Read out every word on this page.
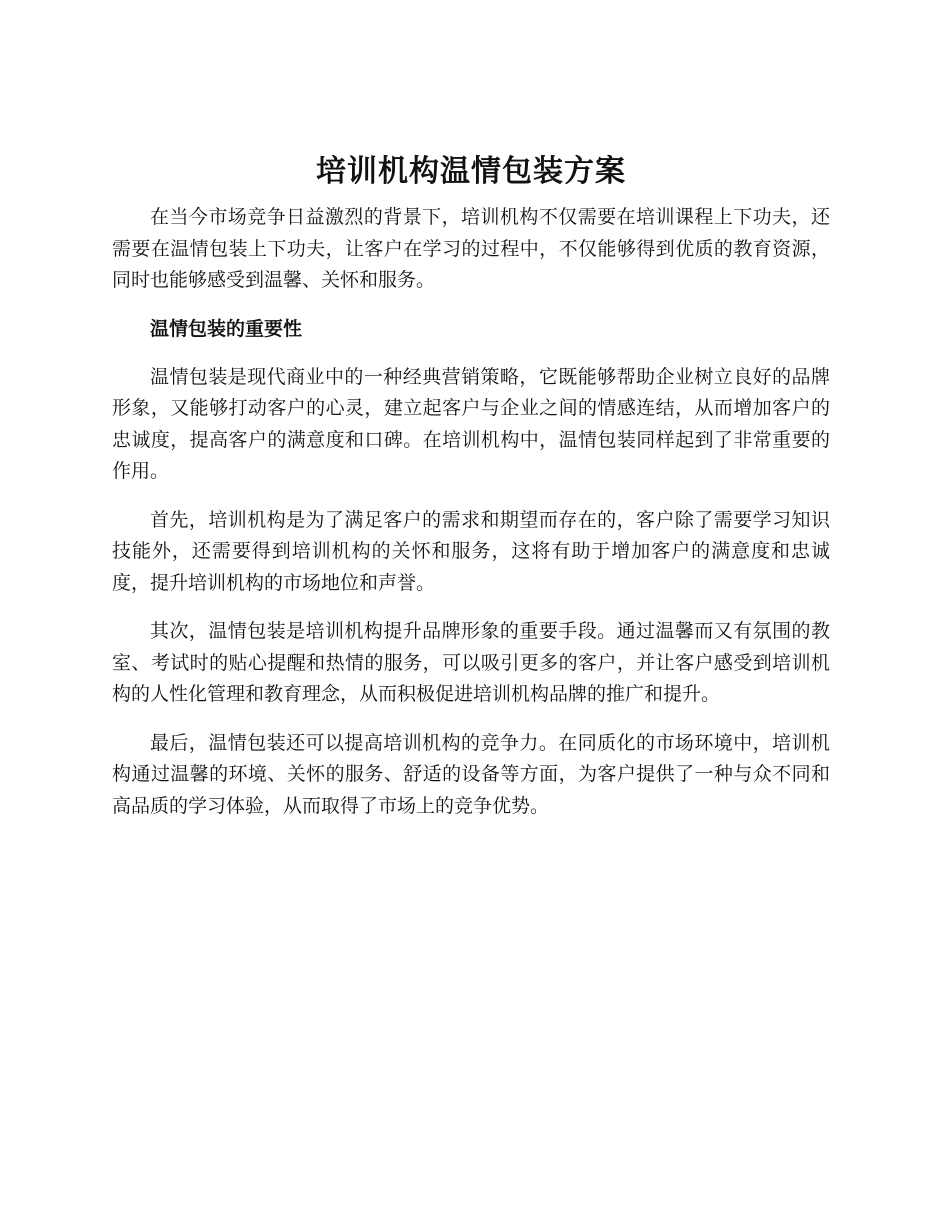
培训机构温情包装方案

在当今市场竞争日益激烈的背景下，培训机构不仅需要在培训课程上下功夫，还需要在温情包装上下功夫，让客户在学习的过程中，不仅能够得到优质的教育资源，同时也能够感受到温馨、关怀和服务。

温情包装的重要性

温情包装是现代商业中的一种经典营销策略，它既能够帮助企业树立良好的品牌形象，又能够打动客户的心灵，建立起客户与企业之间的情感连结，从而增加客户的忠诚度，提高客户的满意度和口碑。在培训机构中，温情包装同样起到了非常重要的作用。

首先，培训机构是为了满足客户的需求和期望而存在的，客户除了需要学习知识技能外，还需要得到培训机构的关怀和服务，这将有助于增加客户的满意度和忠诚度，提升培训机构的市场地位和声誉。

其次，温情包装是培训机构提升品牌形象的重要手段。通过温馨而又有氛围的教室、考试时的贴心提醒和热情的服务，可以吸引更多的客户，并让客户感受到培训机构的人性化管理和教育理念，从而积极促进培训机构品牌的推广和提升。

最后，温情包装还可以提高培训机构的竞争力。在同质化的市场环境中，培训机构通过温馨的环境、关怀的服务、舒适的设备等方面，为客户提供了一种与众不同和高品质的学习体验，从而取得了市场上的竞争优势。
